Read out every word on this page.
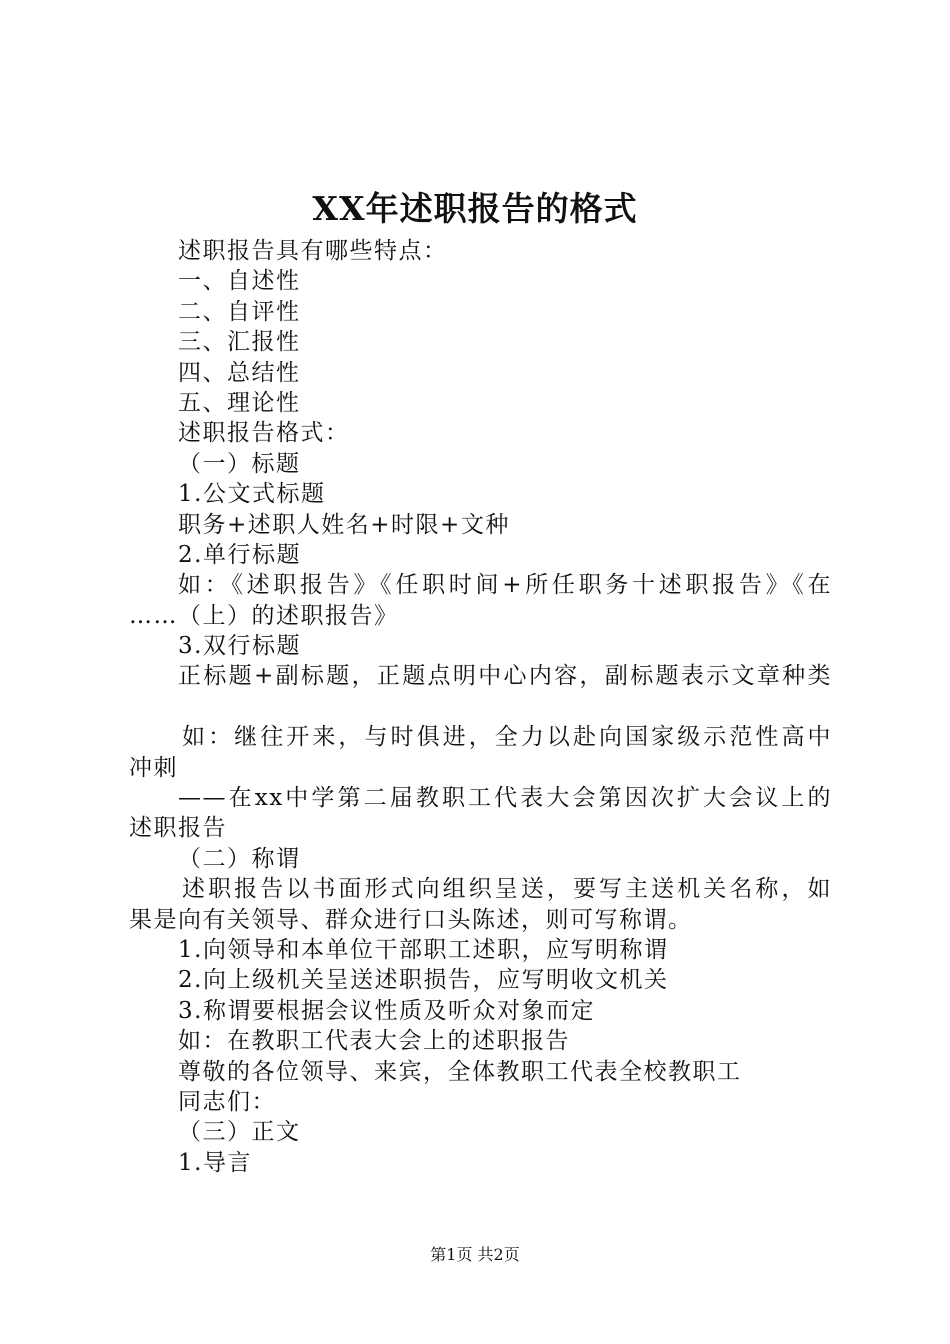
XX年述职报告的格式
述职报告具有哪些特点：
一、自述性
二、自评性
三、汇报性
四、总结性
五、理论性
述职报告格式：
（一）标题
1.公文式标题
职务+述职人姓名+时限+文种
2.单行标题
如：《述职报告》《任职时间+所任职务十述职报告》《在
……（上）的述职报告》
3.双行标题
正标题+副标题，正题点明中心内容，副标题表示文章种类
如：继往开来，与时俱进，全力以赴向国家级示范性高中
冲刺
——在xx中学第二届教职工代表大会第因次扩大会议上的
述职报告
（二）称谓
述职报告以书面形式向组织呈送，要写主送机关名称，如
果是向有关领导、群众进行口头陈述，则可写称谓。
1.向领导和本单位干部职工述职，应写明称谓
2.向上级机关呈送述职损告，应写明收文机关
3.称谓要根据会议性质及听众对象而定
如：在教职工代表大会上的述职报告
尊敬的各位领导、来宾，全体教职工代表全校教职工
同志们：
（三）正文
1.导言
第1页 共2页
